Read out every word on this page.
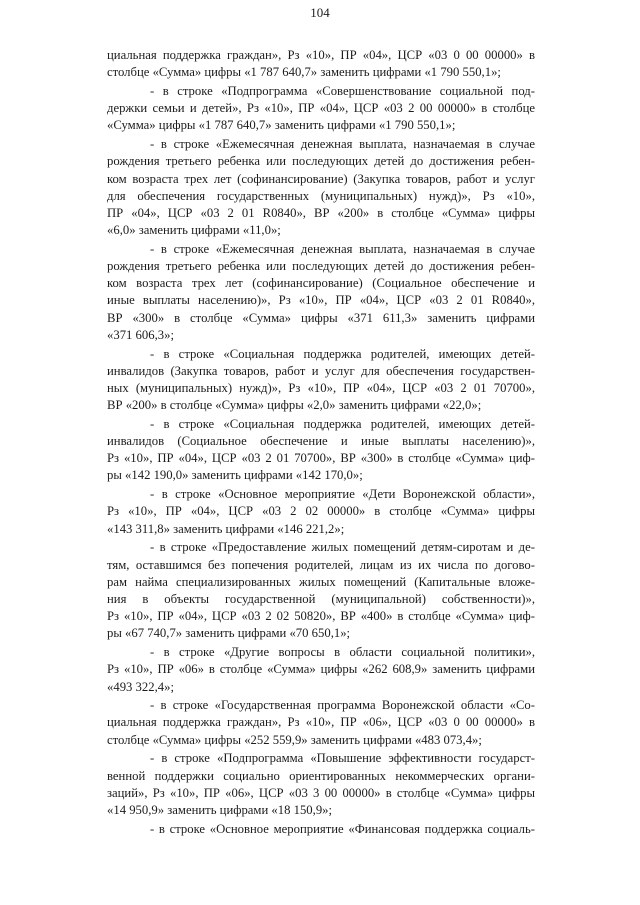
104
циальная поддержка граждан», Рз «10», ПР «04», ЦСР «03 0 00 00000» в
столбце «Сумма» цифры «1 787 640,7» заменить цифрами «1 790 550,1»;
- в строке «Подпрограмма «Совершенствование социальной под-
держки семьи и детей», Рз «10», ПР «04», ЦСР «03 2 00 00000» в столбце
«Сумма» цифры «1 787 640,7» заменить цифрами «1 790 550,1»;
- в строке «Ежемесячная денежная выплата, назначаемая в случае
рождения третьего ребенка или последующих детей до достижения ребен-
ком возраста трех лет (софинансирование) (Закупка товаров, работ и услуг
для обеспечения государственных (муниципальных) нужд)», Рз «10»,
ПР «04», ЦСР «03 2 01 R0840», ВР «200» в столбце «Сумма» цифры
«6,0» заменить цифрами «11,0»;
- в строке «Ежемесячная денежная выплата, назначаемая в случае
рождения третьего ребенка или последующих детей до достижения ребен-
ком возраста трех лет (софинансирование) (Социальное обеспечение и
иные выплаты населению)», Рз «10», ПР «04», ЦСР «03 2 01 R0840»,
ВР «300» в столбце «Сумма» цифры «371 611,3» заменить цифрами
«371 606,3»;
- в строке «Социальная поддержка родителей, имеющих детей-
инвалидов (Закупка товаров, работ и услуг для обеспечения государствен-
ных (муниципальных) нужд)», Рз «10», ПР «04», ЦСР «03 2 01 70700»,
ВР «200» в столбце «Сумма» цифры «2,0» заменить цифрами «22,0»;
- в строке «Социальная поддержка родителей, имеющих детей-
инвалидов (Социальное обеспечение и иные выплаты населению)»,
Рз «10», ПР «04», ЦСР «03 2 01 70700», ВР «300» в столбце «Сумма» циф-
ры «142 190,0» заменить цифрами «142 170,0»;
- в строке «Основное мероприятие «Дети Воронежской области»,
Рз «10», ПР «04», ЦСР «03 2 02 00000» в столбце «Сумма» цифры
«143 311,8» заменить цифрами «146 221,2»;
- в строке «Предоставление жилых помещений детям-сиротам и де-
тям, оставшимся без попечения родителей, лицам из их числа по догово-
рам найма специализированных жилых помещений (Капитальные вложе-
ния в объекты государственной (муниципальной) собственности)»,
Рз «10», ПР «04», ЦСР «03 2 02 50820», ВР «400» в столбце «Сумма» циф-
ры «67 740,7» заменить цифрами «70 650,1»;
- в строке «Другие вопросы в области социальной политики»,
Рз «10», ПР «06» в столбце «Сумма» цифры «262 608,9» заменить цифрами
«493 322,4»;
- в строке «Государственная программа Воронежской области «Со-
циальная поддержка граждан», Рз «10», ПР «06», ЦСР «03 0 00 00000» в
столбце «Сумма» цифры «252 559,9» заменить цифрами «483 073,4»;
- в строке «Подпрограмма «Повышение эффективности государст-
венной поддержки социально ориентированных некоммерческих органи-
заций», Рз «10», ПР «06», ЦСР «03 3 00 00000» в столбце «Сумма» цифры
«14 950,9» заменить цифрами «18 150,9»;
- в строке «Основное мероприятие «Финансовая поддержка социаль-
